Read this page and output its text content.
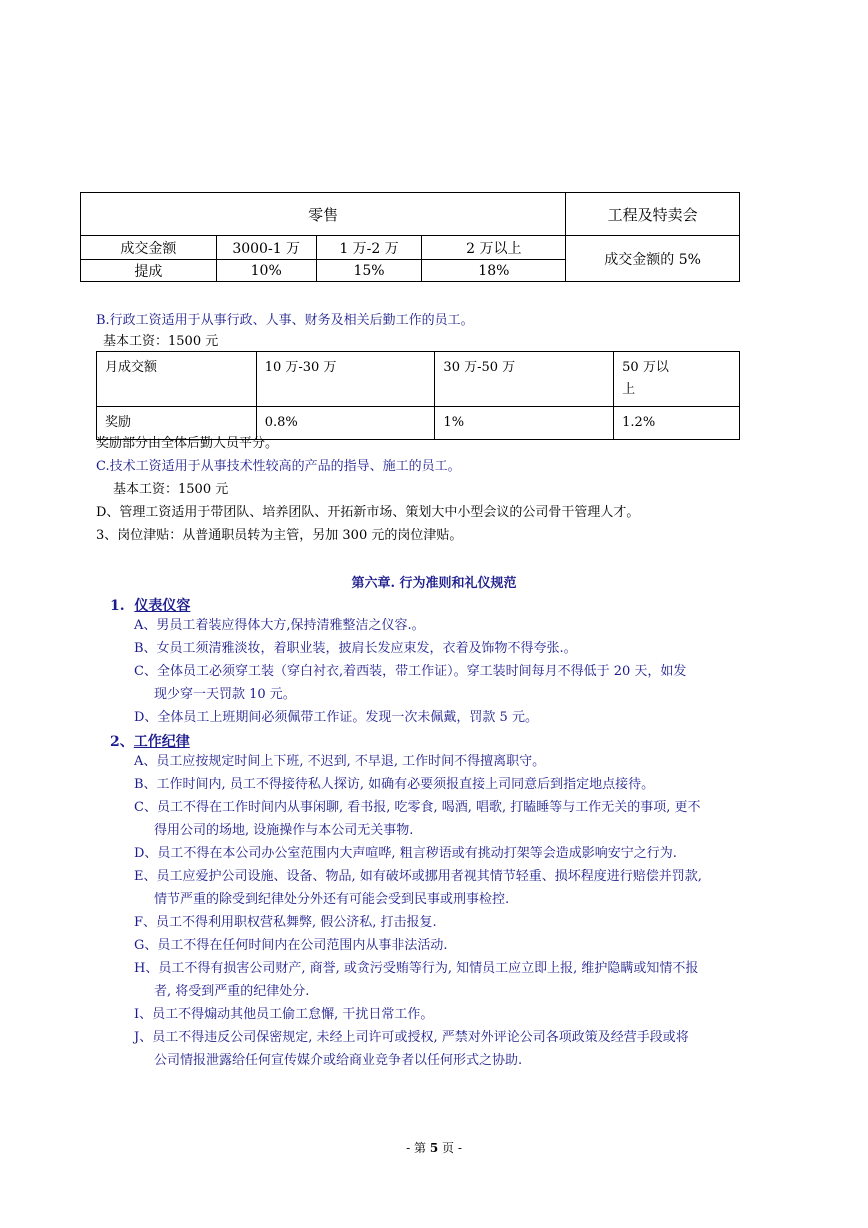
零售				工程及特卖会
成交金额	3000-1 万	1 万-2 万	2 万以上	成交金额的 5%
提成	10%	15%	18%	
B.行政工资适用于从事行政、人事、财务及相关后勤工作的员工。
基本工资：1500 元
月成交额	10 万-30 万	30 万-50 万	50 万以
上
奖励	0.8%	1%	1.2%
奖励部分由全体后勤人员平分。
C.技术工资适用于从事技术性较高的产品的指导、施工的员工。
基本工资：1500 元
D、管理工资适用于带团队、培养团队、开拓新市场、策划大中小型会议的公司骨干管理人才。
3、岗位津贴：从普通职员转为主管，另加 300 元的岗位津贴。
第六章. 行为准则和礼仪规范
1. 仪表仪容
A、男员工着装应得体大方,保持清雅整洁之仪容.。
B、女员工须清雅淡妆，着职业装，披肩长发应束发，衣着及饰物不得夸张.。
C、全体员工必须穿工装（穿白衬衣,着西装，带工作证）。穿工装时间每月不得低于 20 天，如发
现少穿一天罚款 10 元。
D、全体员工上班期间必须佩带工作证。发现一次未佩戴，罚款 5 元。
2、工作纪律
A、员工应按规定时间上下班, 不迟到, 不早退, 工作时间不得擅离职守。
B、工作时间内, 员工不得接待私人探访, 如确有必要须报直接上司同意后到指定地点接待。
C、员工不得在工作时间内从事闲聊, 看书报, 吃零食, 喝酒, 唱歌, 打瞌睡等与工作无关的事项, 更不
得用公司的场地, 设施操作与本公司无关事物.
D、员工不得在本公司办公室范围内大声喧哗, 粗言秽语或有挑动打架等会造成影响安宁之行为.
E、员工应爱护公司设施、设备、物品, 如有破坏或挪用者视其情节轻重、损坏程度进行赔偿并罚款,
情节严重的除受到纪律处分外还有可能会受到民事或刑事检控.
F、员工不得利用职权营私舞弊, 假公济私, 打击报复.
G、员工不得在任何时间内在公司范围内从事非法活动.
H、员工不得有损害公司财产, 商誉, 或贪污受贿等行为, 知情员工应立即上报, 维护隐瞒或知情不报
者, 将受到严重的纪律处分.
I、员工不得煽动其他员工偷工怠懈, 干扰日常工作。
J、员工不得违反公司保密规定, 未经上司许可或授权, 严禁对外评论公司各项政策及经营手段或将
公司情报泄露给任何宣传媒介或给商业竞争者以任何形式之协助.
- 第 5 页 -
